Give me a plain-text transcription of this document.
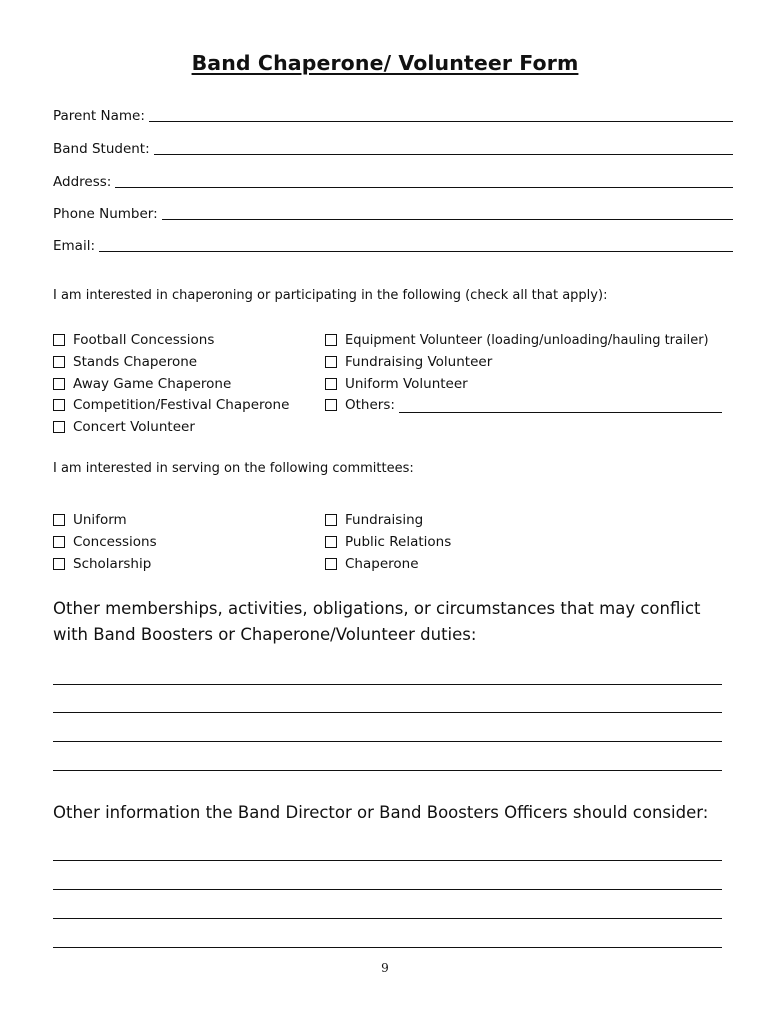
Band Chaperone/ Volunteer Form
Parent Name:
Band Student:
Address:
Phone Number:
Email:
I am interested in chaperoning or participating in the following (check all that apply):
Football Concessions
Stands Chaperone
Away Game Chaperone
Competition/Festival Chaperone
Concert Volunteer
Equipment Volunteer (loading/unloading/hauling trailer)
Fundraising Volunteer
Uniform Volunteer
Others:
I am interested in serving on the following committees:
Uniform
Concessions
Scholarship
Fundraising
Public Relations
Chaperone
Other memberships, activities, obligations, or circumstances that may conflict with Band Boosters or Chaperone/Volunteer duties:
Other information the Band Director or Band Boosters Officers should consider:
9
